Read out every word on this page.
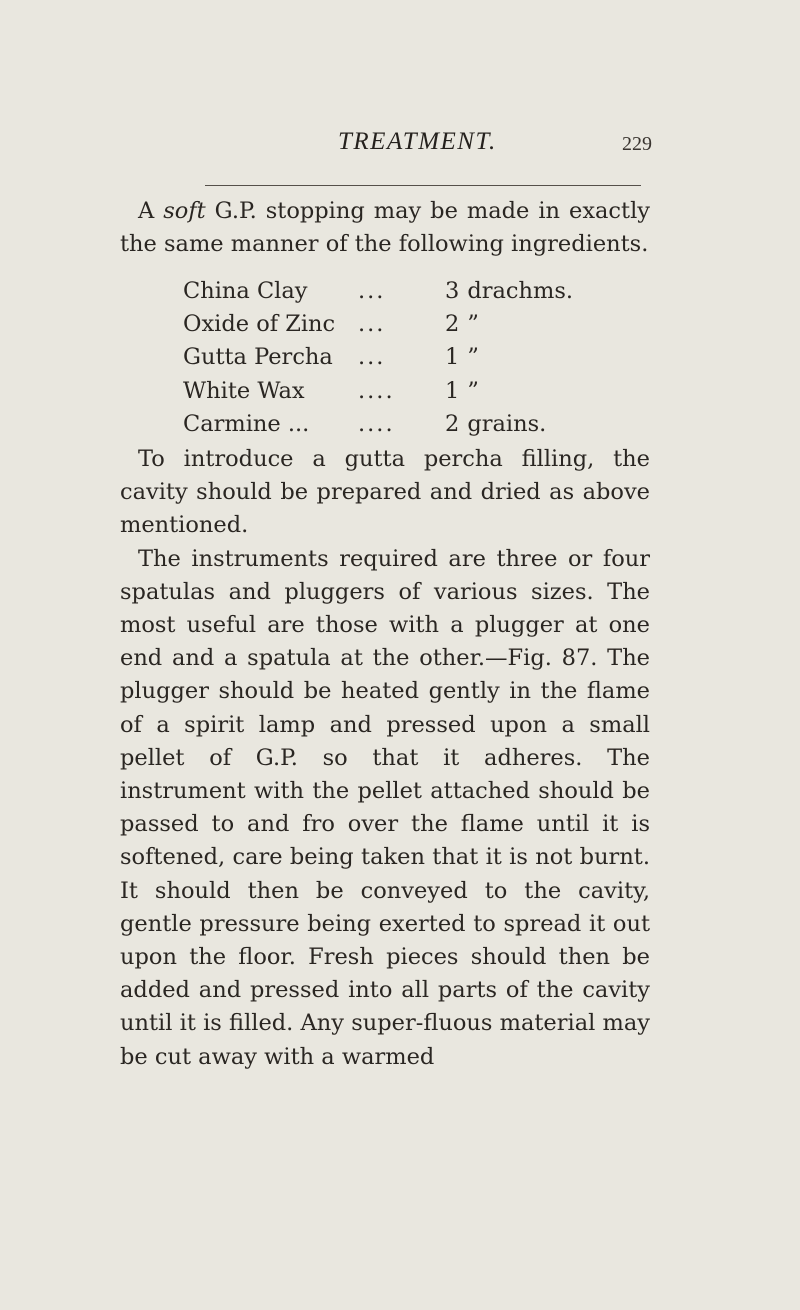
TREATMENT.	229

A soft G.P. stopping may be made in exactly the same manner of the following ingredients.

China Clay ...	3 drachms.
Oxide of Zinc ...	2 ”
Gutta Percha ...	1 ”
White Wax .... 1 ”
Carmine ... .... 2 grains.

To introduce a gutta percha filling, the cavity should be prepared and dried as above mentioned.

The instruments required are three or four spatulas and pluggers of various sizes. The most useful are those with a plugger at one end and a spatula at the other.—Fig. 87. The plugger should be heated gently in the flame of a spirit lamp and pressed upon a small pellet of G.P. so that it adheres. The instrument with the pellet attached should be passed to and fro over the flame until it is softened, care being taken that it is not burnt. It should then be conveyed to the cavity, gentle pressure being exerted to spread it out upon the floor. Fresh pieces should then be added and pressed into all parts of the cavity until it is filled. Any super-fluous material may be cut away with a warmed
